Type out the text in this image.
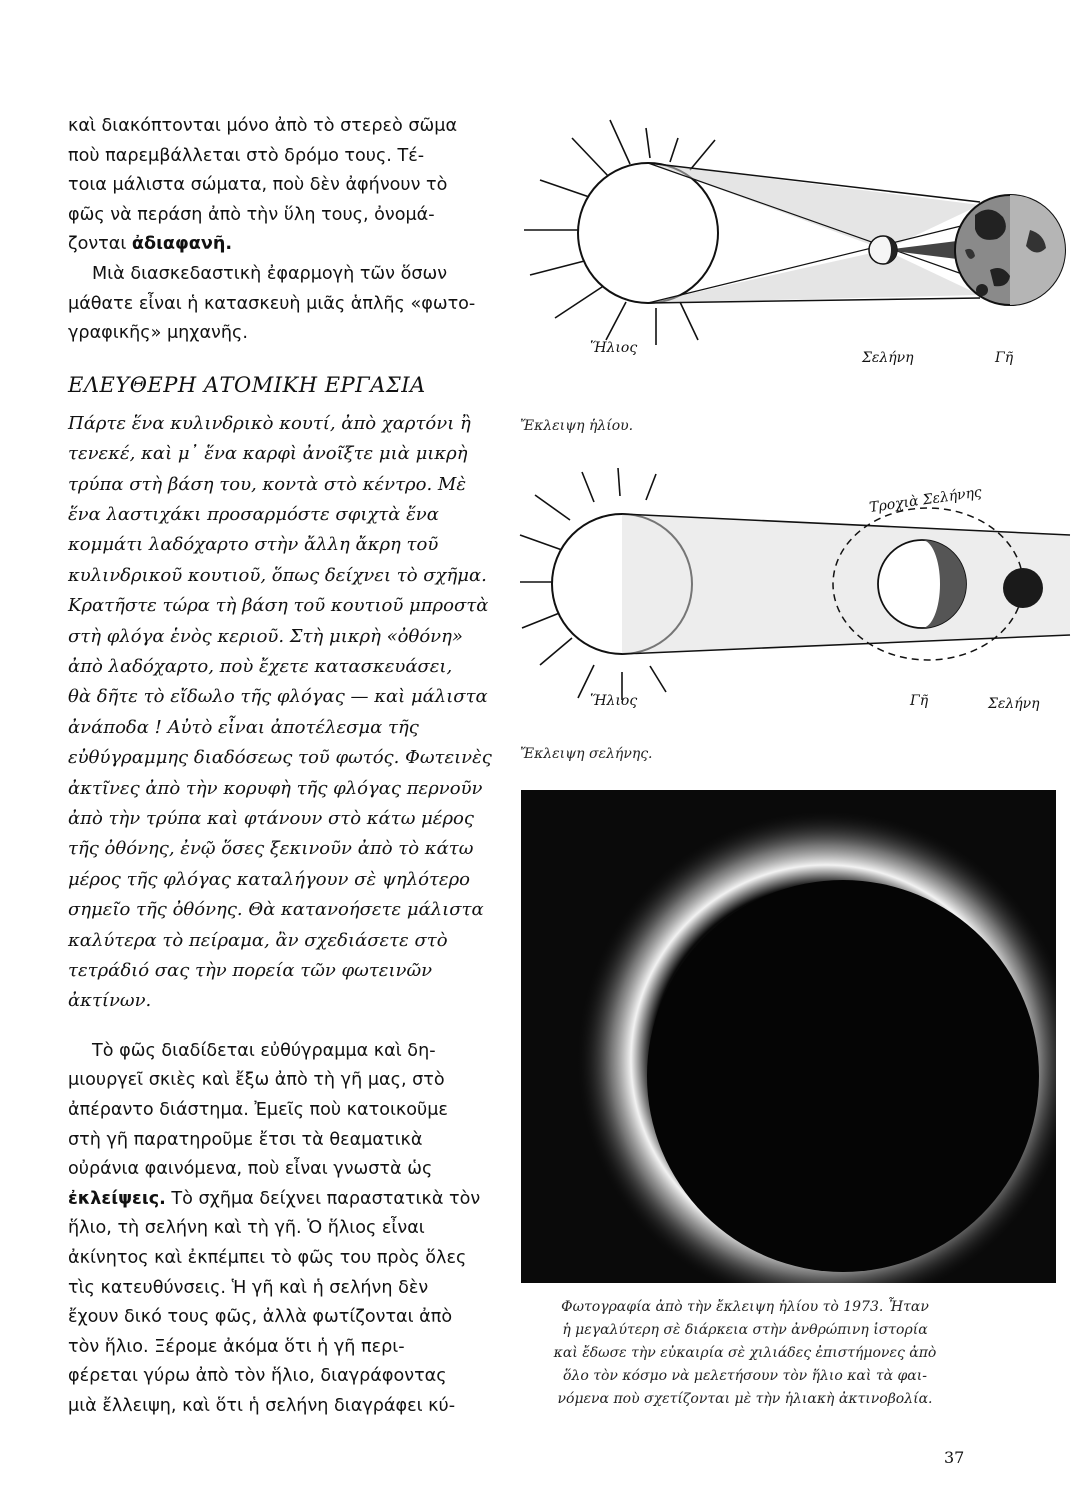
καὶ διακόπτονται μόνο ἀπὸ τὸ στερεὸ σῶμα
ποὺ παρεμβάλλεται στὸ δρόμο τους. Τέ-
τοια μάλιστα σώματα, ποὺ δὲν ἀφήνουν τὸ
φῶς νὰ περάση ἀπὸ τὴν ὕλη τους, ὀνομά-
ζονται ἀδιαφανῆ.
Μιὰ διασκεδαστικὴ ἐφαρμογὴ τῶν ὅσων
μάθατε εἶναι ἡ κατασκευὴ μιᾶς ἁπλῆς «φωτο-
γραφικῆς» μηχανῆς.

ΕΛΕΥΘΕΡΗ ΑΤΟΜΙΚΗ ΕΡΓΑΣΙΑ

Πάρτε ἕνα κυλινδρικὸ κουτί, ἀπὸ χαρτόνι ἢ
τενεκέ, καὶ μ᾽ ἕνα καρφὶ ἀνοῖξτε μιὰ μικρὴ
τρύπα στὴ βάση του, κοντὰ στὸ κέντρο. Μὲ
ἕνα λαστιχάκι προσαρμόστε σφιχτὰ ἕνα
κομμάτι λαδόχαρτο στὴν ἄλλη ἄκρη τοῦ
κυλινδρικοῦ κουτιοῦ, ὅπως δείχνει τὸ σχῆμα.
Κρατῆστε τώρα τὴ βάση τοῦ κουτιοῦ μπροστὰ
στὴ φλόγα ἑνὸς κεριοῦ. Στὴ μικρὴ «ὀθόνη»
ἀπὸ λαδόχαρτο, ποὺ ἔχετε κατασκευάσει,
θὰ δῆτε τὸ εἴδωλο τῆς φλόγας — καὶ μάλιστα
ἀνάποδα ! Αὐτὸ εἶναι ἀποτέλεσμα τῆς
εὐθύγραμμης διαδόσεως τοῦ φωτός. Φωτεινὲς
ἀκτῖνες ἀπὸ τὴν κορυφὴ τῆς φλόγας περνοῦν
ἀπὸ τὴν τρύπα καὶ φτάνουν στὸ κάτω μέρος
τῆς ὀθόνης, ἐνῷ ὅσες ξεκινοῦν ἀπὸ τὸ κάτω
μέρος τῆς φλόγας καταλήγουν σὲ ψηλότερο
σημεῖο τῆς ὀθόνης. Θὰ κατανοήσετε μάλιστα
καλύτερα τὸ πείραμα, ἂν σχεδιάσετε στὸ
τετράδιό σας τὴν πορεία τῶν φωτεινῶν
ἀκτίνων.

Τὸ φῶς διαδίδεται εὐθύγραμμα καὶ δη-
μιουργεῖ σκιὲς καὶ ἔξω ἀπὸ τὴ γῆ μας, στὸ
ἀπέραντο διάστημα. Ἐμεῖς ποὺ κατοικοῦμε
στὴ γῆ παρατηροῦμε ἔτσι τὰ θεαματικὰ
οὐράνια φαινόμενα, ποὺ εἶναι γνωστὰ ὡς
ἐκλείψεις. Τὸ σχῆμα δείχνει παραστατικὰ τὸν
ἥλιο, τὴ σελήνη καὶ τὴ γῆ. Ὁ ἥλιος εἶναι
ἀκίνητος καὶ ἐκπέμπει τὸ φῶς του πρὸς ὅλες
τὶς κατευθύνσεις. Ἡ γῆ καὶ ἡ σελήνη δὲν
ἔχουν δικό τους φῶς, ἀλλὰ φωτίζονται ἀπὸ
τὸν ἥλιο. Ξέρομε ἀκόμα ὅτι ἡ γῆ περι-
φέρεται γύρω ἀπὸ τὸν ἥλιο, διαγράφοντας
μιὰ ἔλλειψη, καὶ ὅτι ἡ σελήνη διαγράφει κύ-

Ἥλιος
Σελήνη	Γῆ
Ἔκλειψη ἡλίου.
Ἥλιος	Γῆ	Σελήνη
Τροχιὰ Σελήνης
Ἔκλειψη σελήνης.
Φωτογραφία ἀπὸ τὴν ἔκλειψη ἡλίου τὸ 1973. Ἦταν
ἡ μεγαλύτερη σὲ διάρκεια στὴν ἀνθρώπινη ἱστορία
καὶ ἔδωσε τὴν εὐκαιρία σὲ χιλιάδες ἐπιστήμονες ἀπὸ
ὅλο τὸν κόσμο νὰ μελετήσουν τὸν ἥλιο καὶ τὰ φαι-
νόμενα ποὺ σχετίζονται μὲ τὴν ἡλιακὴ ἀκτινοβολία.
37
